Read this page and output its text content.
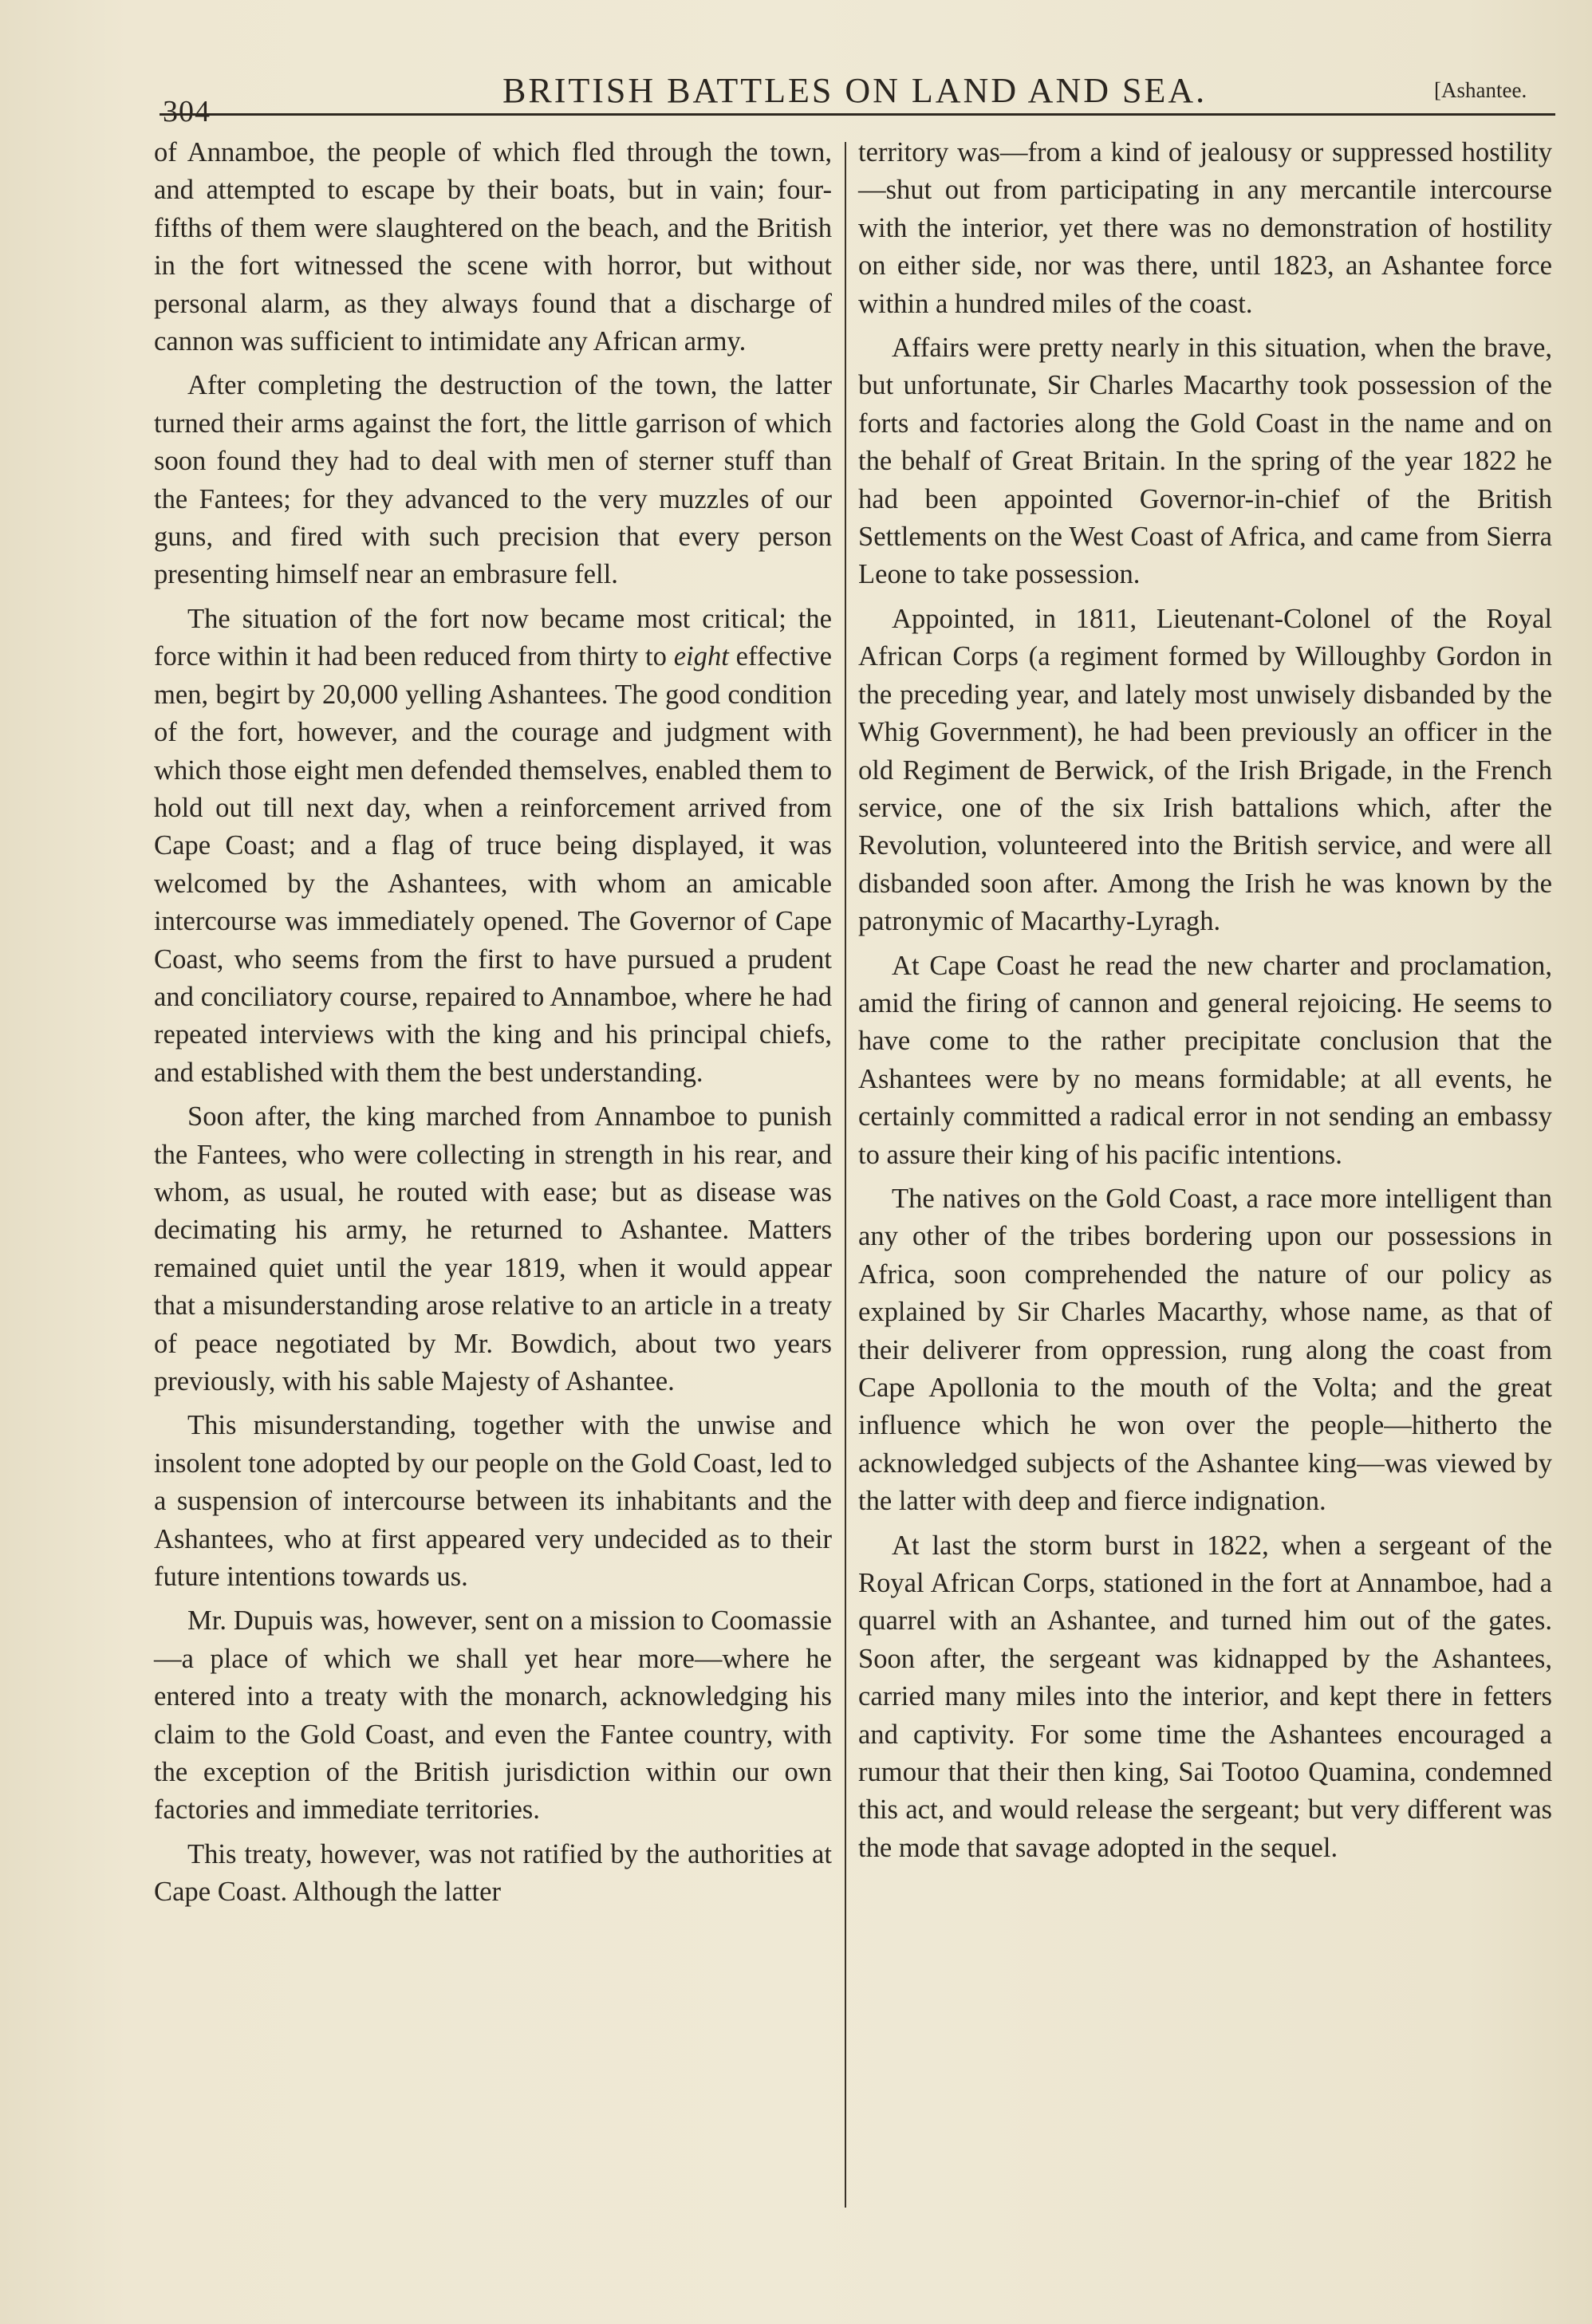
304
BRITISH BATTLES ON LAND AND SEA.	[Ashantee.

of Annamboe, the people of which fled through the town, and attempted to escape by their boats, but in vain; four-fifths of them were slaughtered on the beach, and the British in the fort witnessed the scene with horror, but without personal alarm, as they always found that a discharge of cannon was sufficient to intimidate any African army.

After completing the destruction of the town, the latter turned their arms against the fort, the little garrison of which soon found they had to deal with men of sterner stuff than the Fantees; for they advanced to the very muzzles of our guns, and fired with such precision that every person presenting himself near an embrasure fell.

The situation of the fort now became most critical; the force within it had been reduced from thirty to eight effective men, begirt by 20,000 yelling Ashantees. The good condition of the fort, however, and the courage and judgment with which those eight men defended themselves, enabled them to hold out till next day, when a reinforcement arrived from Cape Coast; and a flag of truce being displayed, it was welcomed by the Ashantees, with whom an amicable intercourse was immediately opened. The Governor of Cape Coast, who seems from the first to have pursued a prudent and conciliatory course, repaired to Annamboe, where he had repeated interviews with the king and his principal chiefs, and established with them the best understanding.

Soon after, the king marched from Annamboe to punish the Fantees, who were collecting in strength in his rear, and whom, as usual, he routed with ease; but as disease was decimating his army, he returned to Ashantee. Matters remained quiet until the year 1819, when it would appear that a misunderstanding arose relative to an article in a treaty of peace negotiated by Mr. Bowdich, about two years previously, with his sable Majesty of Ashantee.

This misunderstanding, together with the unwise and insolent tone adopted by our people on the Gold Coast, led to a suspension of intercourse between its inhabitants and the Ashantees, who at first appeared very undecided as to their future intentions towards us.

Mr. Dupuis was, however, sent on a mission to Coomassie—a place of which we shall yet hear more—where he entered into a treaty with the monarch, acknowledging his claim to the Gold Coast, and even the Fantee country, with the exception of the British jurisdiction within our own factories and immediate territories.

This treaty, however, was not ratified by the authorities at Cape Coast. Although the latter

territory was—from a kind of jealousy or suppressed hostility—shut out from participating in any mercantile intercourse with the interior, yet there was no demonstration of hostility on either side, nor was there, until 1823, an Ashantee force within a hundred miles of the coast.

Affairs were pretty nearly in this situation, when the brave, but unfortunate, Sir Charles Macarthy took possession of the forts and factories along the Gold Coast in the name and on the behalf of Great Britain. In the spring of the year 1822 he had been appointed Governor-in-chief of the British Settlements on the West Coast of Africa, and came from Sierra Leone to take possession.

Appointed, in 1811, Lieutenant-Colonel of the Royal African Corps (a regiment formed by Willoughby Gordon in the preceding year, and lately most unwisely disbanded by the Whig Government), he had been previously an officer in the old Regiment de Berwick, of the Irish Brigade, in the French service, one of the six Irish battalions which, after the Revolution, volunteered into the British service, and were all disbanded soon after. Among the Irish he was known by the patronymic of Macarthy-Lyragh.

At Cape Coast he read the new charter and proclamation, amid the firing of cannon and general rejoicing. He seems to have come to the rather precipitate conclusion that the Ashantees were by no means formidable; at all events, he certainly committed a radical error in not sending an embassy to assure their king of his pacific intentions.

The natives on the Gold Coast, a race more intelligent than any other of the tribes bordering upon our possessions in Africa, soon comprehended the nature of our policy as explained by Sir Charles Macarthy, whose name, as that of their deliverer from oppression, rung along the coast from Cape Apollonia to the mouth of the Volta; and the great influence which he won over the people—hitherto the acknowledged subjects of the Ashantee king—was viewed by the latter with deep and fierce indignation.

At last the storm burst in 1822, when a sergeant of the Royal African Corps, stationed in the fort at Annamboe, had a quarrel with an Ashantee, and turned him out of the gates. Soon after, the sergeant was kidnapped by the Ashantees, carried many miles into the interior, and kept there in fetters and captivity. For some time the Ashantees encouraged a rumour that their then king, Sai Tootoo Quamina, condemned this act, and would release the sergeant; but very different was the mode that savage adopted in the sequel.
